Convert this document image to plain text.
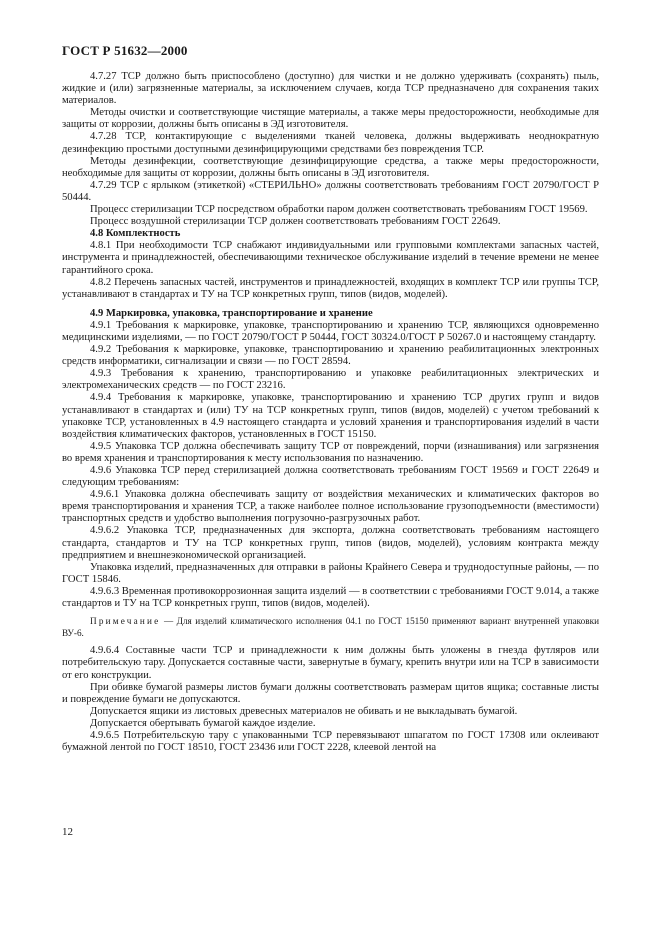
ГОСТ Р 51632—2000

4.7.27 ТСР должно быть приспособлено (доступно) для чистки и не должно удерживать (сохранять) пыль, жидкие и (или) загрязненные материалы, за исключением случаев, когда ТСР предназначено для сохранения таких материалов.

Методы очистки и соответствующие чистящие материалы, а также меры предосторожности, необходимые для защиты от коррозии, должны быть описаны в ЭД изготовителя.

4.7.28 ТСР, контактирующие с выделениями тканей человека, должны выдерживать неоднократную дезинфекцию простыми доступными дезинфицирующими средствами без повреждения ТСР.

Методы дезинфекции, соответствующие дезинфицирующие средства, а также меры предосторожности, необходимые для защиты от коррозии, должны быть описаны в ЭД изготовителя.

4.7.29 ТСР с ярлыком (этикеткой) «СТЕРИЛЬНО» должны соответствовать требованиям ГОСТ 20790/ГОСТ Р 50444.

Процесс стерилизации ТСР посредством обработки паром должен соответствовать требованиям ГОСТ 19569.

Процесс воздушной стерилизации ТСР должен соответствовать требованиям ГОСТ 22649.

4.8 Комплектность

4.8.1 При необходимости ТСР снабжают индивидуальными или групповыми комплектами запасных частей, инструмента и принадлежностей, обеспечивающими техническое обслуживание изделий в течение времени не менее гарантийного срока.

4.8.2 Перечень запасных частей, инструментов и принадлежностей, входящих в комплект ТСР или группы ТСР, устанавливают в стандартах и ТУ на ТСР конкретных групп, типов (видов, моделей).

4.9 Маркировка, упаковка, транспортирование и хранение

4.9.1 Требования к маркировке, упаковке, транспортированию и хранению ТСР, являющихся одновременно медицинскими изделиями, — по ГОСТ 20790/ГОСТ Р 50444, ГОСТ 30324.0/ГОСТ Р 50267.0 и настоящему стандарту.

4.9.2 Требования к маркировке, упаковке, транспортированию и хранению реабилитационных электронных средств информатики, сигнализации и связи — по ГОСТ 28594.

4.9.3 Требования к хранению, транспортированию и упаковке реабилитационных электрических и электромеханических средств — по ГОСТ 23216.

4.9.4 Требования к маркировке, упаковке, транспортированию и хранению ТСР других групп и видов устанавливают в стандартах и (или) ТУ на ТСР конкретных групп, типов (видов, моделей) с учетом требований к упаковке ТСР, установленных в 4.9 настоящего стандарта и условий хранения и транспортирования изделий в части воздействия климатических факторов, установленных в ГОСТ 15150.

4.9.5 Упаковка ТСР должна обеспечивать защиту ТСР от повреждений, порчи (изнашивания) или загрязнения во время хранения и транспортирования к месту использования по назначению.

4.9.6 Упаковка ТСР перед стерилизацией должна соответствовать требованиям ГОСТ 19569 и ГОСТ 22649 и следующим требованиям:

4.9.6.1 Упаковка должна обеспечивать защиту от воздействия механических и климатических факторов во время транспортирования и хранения ТСР, а также наиболее полное использование грузоподъемности (вместимости) транспортных средств и удобство выполнения погрузочно-разгрузочных работ.

4.9.6.2 Упаковка ТСР, предназначенных для экспорта, должна соответствовать требованиям настоящего стандарта, стандартов и ТУ на ТСР конкретных групп, типов (видов, моделей), условиям контракта между предприятием и внешнеэкономической организацией.

Упаковка изделий, предназначенных для отправки в районы Крайнего Севера и труднодоступные районы, — по ГОСТ 15846.

4.9.6.3 Временная противокоррозионная защита изделий — в соответствии с требованиями ГОСТ 9.014, а также стандартов и ТУ на ТСР конкретных групп, типов (видов, моделей).

Примечание — Для изделий климатического исполнения 04.1 по ГОСТ 15150 применяют вариант внутренней упаковки ВУ-6.

4.9.6.4 Составные части ТСР и принадлежности к ним должны быть уложены в гнезда футляров или потребительскую тару. Допускается составные части, завернутые в бумагу, крепить внутри или на ТСР в зависимости от его конструкции.

При обивке бумагой размеры листов бумаги должны соответствовать размерам щитов ящика; составные листы и повреждение бумаги не допускаются.

Допускается ящики из листовых древесных материалов не обивать и не выкладывать бумагой.

Допускается обертывать бумагой каждое изделие.

4.9.6.5 Потребительскую тару с упакованными ТСР перевязывают шпагатом по ГОСТ 17308 или оклеивают бумажной лентой по ГОСТ 18510, ГОСТ 23436 или ГОСТ 2228, клеевой лентой на

12
